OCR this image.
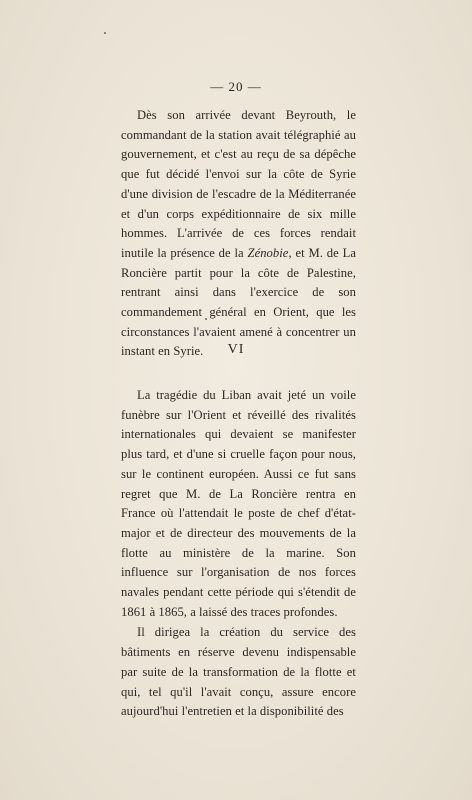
— 20 —

Dès son arrivée devant Beyrouth, le commandant de la station avait télégraphié au gouvernement, et c'est au reçu de sa dépêche que fut décidé l'envoi sur la côte de Syrie d'une division de l'escadre de la Méditerranée et d'un corps expéditionnaire de six mille hommes. L'arrivée de ces forces rendait inutile la présence de la Zénobie, et M. de La Roncière partit pour la côte de Palestine, rentrant ainsi dans l'exercice de son commandement général en Orient, que les circonstances l'avaient amené à concentrer un instant en Syrie.	VI

La tragédie du Liban avait jeté un voile funèbre sur l'Orient et réveillé des rivalités internationales qui devaient se manifester plus tard, et d'une si cruelle façon pour nous, sur le continent européen. Aussi ce fut sans regret que M. de La Roncière rentra en France où l'attendait le poste de chef d'état-major et de directeur des mouvements de la flotte au ministère de la marine. Son influence sur l'organisation de nos forces navales pendant cette période qui s'étendit de 1861 à 1865, a laissé des traces profondes.

Il dirigea la création du service des bâtiments en réserve devenu indispensable par suite de la transformation de la flotte et qui, tel qu'il l'avait conçu, assure encore aujourd'hui l'entretien et la disponibilité des
